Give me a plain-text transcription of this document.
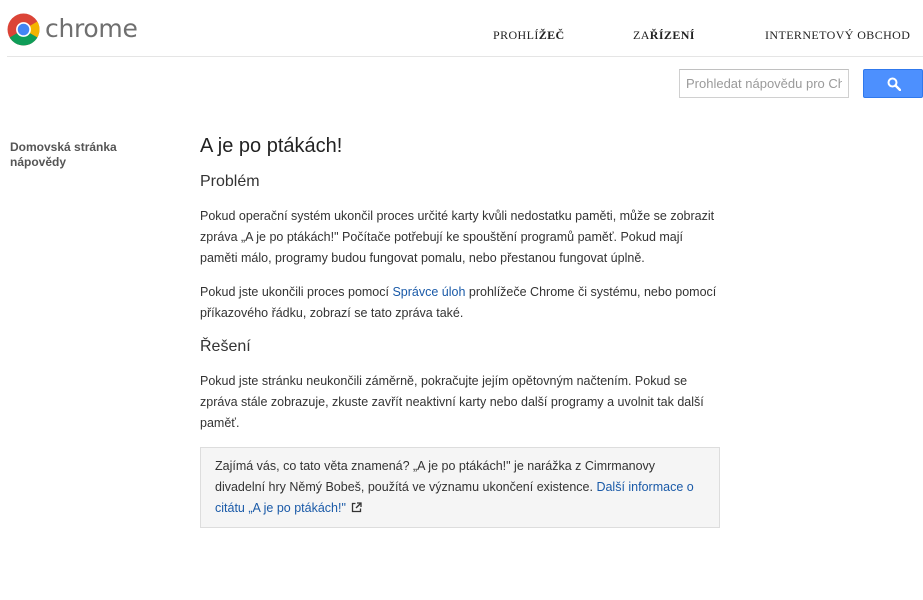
chrome	PROHLÍŽEČ	ZAŘÍZENÍ	INTERNETOVÝ OBCHOD
Prohledat nápovědu pro Chrome
Domovská stránka nápovědy
A je po ptákách!
Problém

Pokud operační systém ukončil proces určité karty kvůli nedostatku paměti, může se zobrazit zpráva „A je po ptákách!" Počítače potřebují ke spouštění programů paměť. Pokud mají paměti málo, programy budou fungovat pomalu, nebo přestanou fungovat úplně.

Pokud jste ukončili proces pomocí Správce úloh prohlížeče Chrome či systému, nebo pomocí příkazového řádku, zobrazí se tato zpráva také.

Řešení

Pokud jste stránku neukončili záměrně, pokračujte jejím opětovným načtením. Pokud se zpráva stále zobrazuje, zkuste zavřít neaktivní karty nebo další programy a uvolnit tak další paměť.

Zajímá vás, co tato věta znamená? „A je po ptákách!" je narážka z Cimrmanovy divadelní hry Němý Bobeš, použítá ve významu ukončení existence. Další informace o citátu „A je po ptákách!"
